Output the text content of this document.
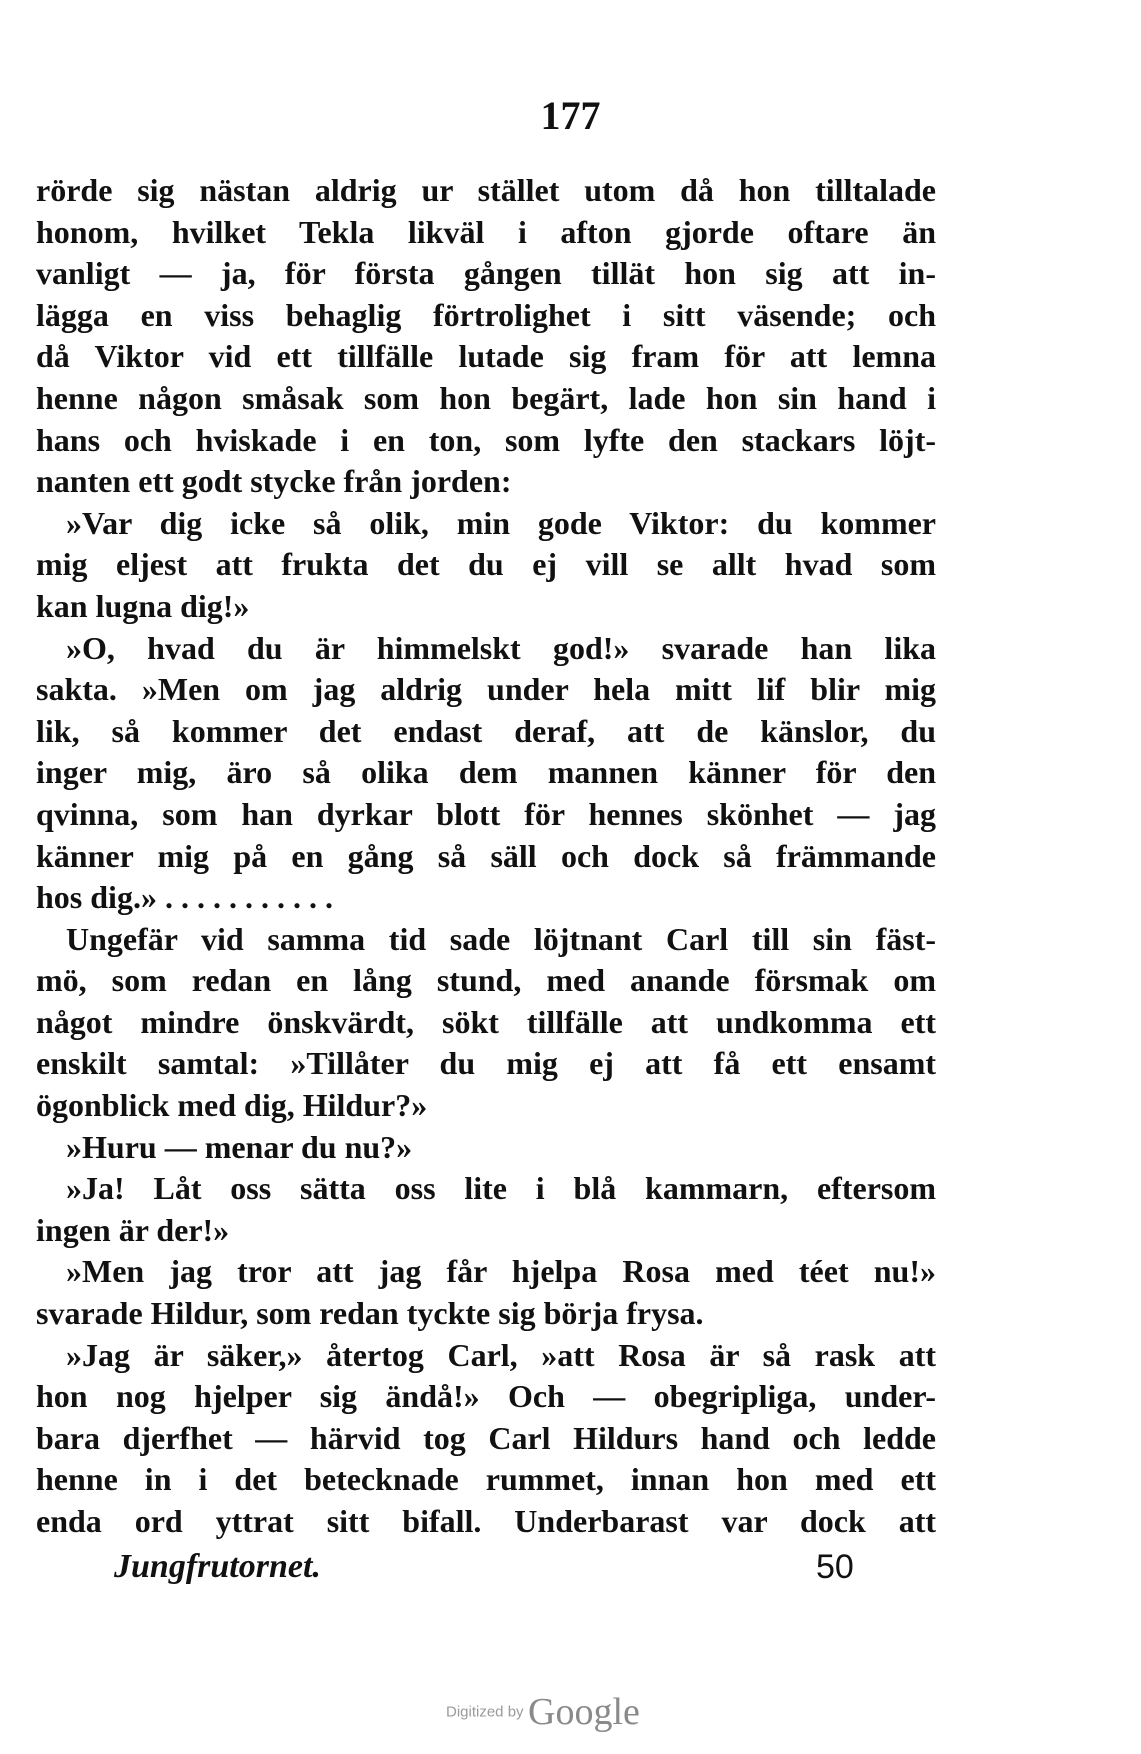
177
rörde sig nästan aldrig ur stället utom då hon tilltalade
honom, hvilket Tekla likväl i afton gjorde oftare än
vanligt — ja, för första gången tillät hon sig att in-
lägga en viss behaglig förtrolighet i sitt väsende; och
då Viktor vid ett tillfälle lutade sig fram för att lemna
henne någon småsak som hon begärt, lade hon sin hand i
hans och hviskade i en ton, som lyfte den stackars löjt-
nanten ett godt stycke från jorden:
»Var dig icke så olik, min gode Viktor: du kommer
mig eljest att frukta det du ej vill se allt hvad som
kan lugna dig!»
»O, hvad du är himmelskt god!» svarade han lika
sakta. »Men om jag aldrig under hela mitt lif blir mig
lik, så kommer det endast deraf, att de känslor, du
inger mig, äro så olika dem mannen känner för den
qvinna, som han dyrkar blott för hennes skönhet — jag
känner mig på en gång så säll och dock så främmande
hos dig.» . . . . . . . . . . .
Ungefär vid samma tid sade löjtnant Carl till sin fäst-
mö, som redan en lång stund, med anande försmak om
något mindre önskvärdt, sökt tillfälle att undkomma ett
enskilt samtal: »Tillåter du mig ej att få ett ensamt
ögonblick med dig, Hildur?»
»Huru — menar du nu?»
»Ja! Låt oss sätta oss lite i blå kammarn, eftersom
ingen är der!»
»Men jag tror att jag får hjelpa Rosa med téet nu!»
svarade Hildur, som redan tyckte sig börja frysa.
»Jag är säker,» återtog Carl, »att Rosa är så rask att
hon nog hjelper sig ändå!» Och — obegripliga, under-
bara djerfhet — härvid tog Carl Hildurs hand och ledde
henne in i det betecknade rummet, innan hon med ett
enda ord yttrat sitt bifall. Underbarast var dock att
Jungfrutornet.	50
Digitized by Google
